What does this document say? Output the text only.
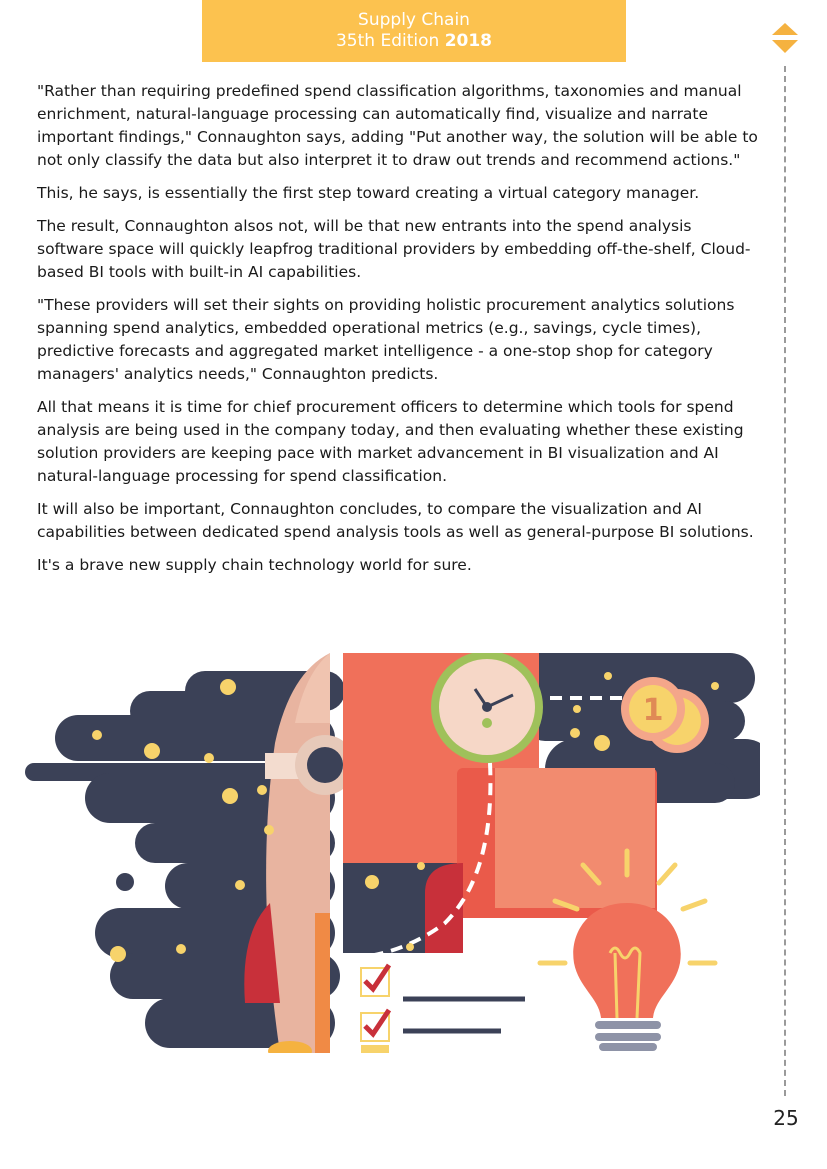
Supply Chain
35th Edition 2018

"Rather than requiring predefined spend classification algorithms, taxonomies and manual enrichment, natural-language processing can automatically find, visualize and narrate important findings," Connaughton says, adding "Put another way, the solution will be able to not only classify the data but also interpret it to draw out trends and recommend actions."

This, he says, is essentially the first step toward creating a virtual category manager.

The result, Connaughton alsos not, will be that new entrants into the spend analysis software space will quickly leapfrog traditional providers by embedding off-the-shelf, Cloud-based BI tools with built-in AI capabilities.

"These providers will set their sights on providing holistic procurement analytics solutions spanning spend analytics, embedded operational metrics (e.g., savings, cycle times), predictive forecasts and aggregated market intelligence - a one-stop shop for category managers' analytics needs," Connaughton predicts.

All that means it is time for chief procurement officers to determine which tools for spend analysis are being used in the company today, and then evaluating whether these existing solution providers are keeping pace with market advancement in BI visualization and AI natural-language processing for spend classification.

It will also be important, Connaughton concludes, to compare the visualization and AI capabilities between dedicated spend analysis tools as well as general-purpose BI solutions.

It's a brave new supply chain technology world for sure.

1
25
